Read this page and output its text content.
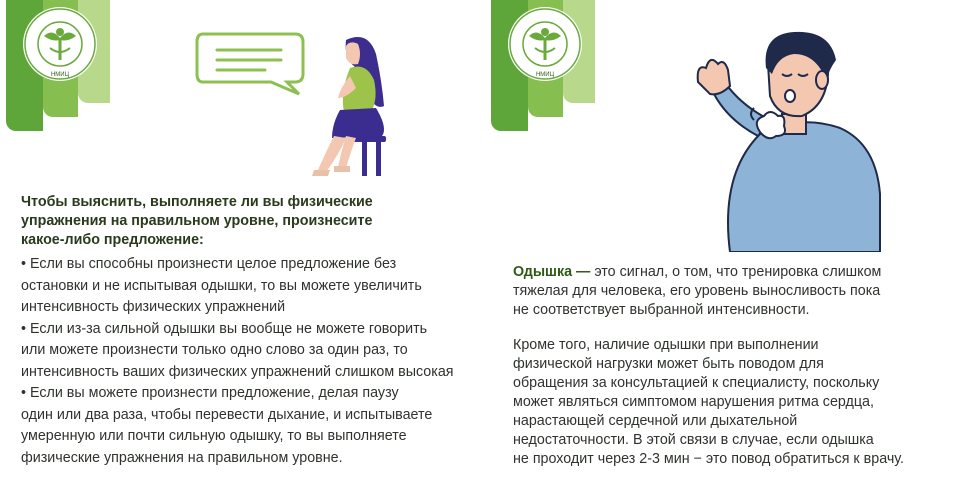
НМИЦ
Чтобы выяснить, выполняете ли вы физические
упражнения на правильном уровне, произнесите
какое-либо предложение:
• Если вы способны произнести целое предложение без
остановки и не испытывая одышки, то вы можете увеличить
интенсивность физических упражнений
• Если из-за сильной одышки вы вообще не можете говорить
или можете произнести только одно слово за один раз, то
интенсивность ваших физических упражнений слишком высокая
• Если вы можете произнести предложение, делая паузу
один или два раза, чтобы перевести дыхание, и испытываете
умеренную или почти сильную одышку, то вы выполняете
физические упражнения на правильном уровне.
НМИЦ
Одышка — это сигнал, о том, что тренировка слишком
тяжелая для человека, его уровень выносливость пока
не соответствует выбранной интенсивности.
Кроме того, наличие одышки при выполнении
физической нагрузки может быть поводом для
обращения за консультацией к специалисту, поскольку
может являться симптомом нарушения ритма сердца,
нарастающей сердечной или дыхательной
недостаточности. В этой связи в случае, если одышка
не проходит через 2-3 мин − это повод обратиться к врачу.
